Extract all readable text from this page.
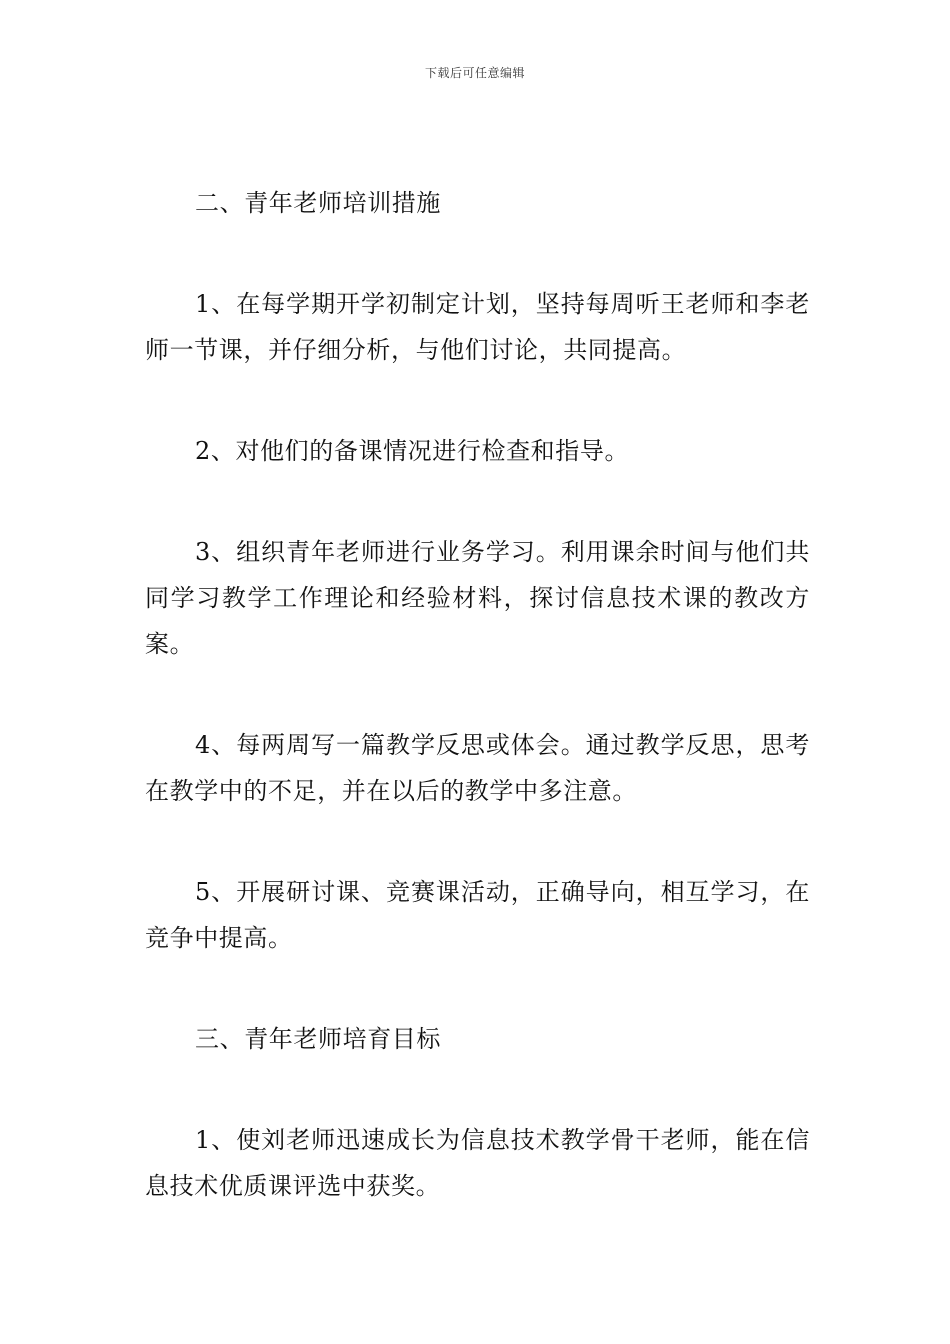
下载后可任意编辑

二、青年老师培训措施

1、在每学期开学初制定计划，坚持每周听王老师和李老师一节课，并仔细分析，与他们讨论，共同提高。

2、对他们的备课情况进行检查和指导。

3、组织青年老师进行业务学习。利用课余时间与他们共同学习教学工作理论和经验材料，探讨信息技术课的教改方案。

4、每两周写一篇教学反思或体会。通过教学反思，思考在教学中的不足，并在以后的教学中多注意。

5、开展研讨课、竞赛课活动，正确导向，相互学习，在竞争中提高。

三、青年老师培育目标

1、使刘老师迅速成长为信息技术教学骨干老师，能在信息技术优质课评选中获奖。
